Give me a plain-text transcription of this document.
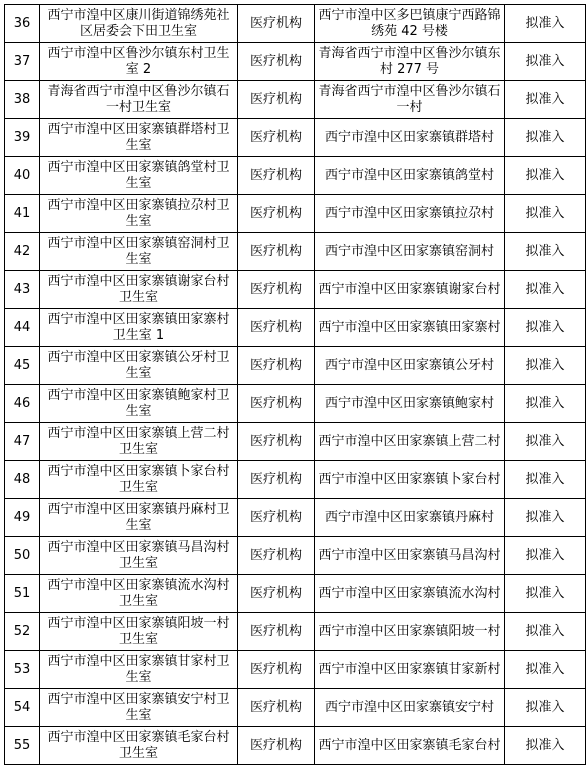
36	西宁市湟中区康川街道锦绣苑社区居委会下田卫生室	医疗机构	西宁市湟中区多巴镇康宁西路锦绣苑 42 号楼	拟准入
37	西宁市湟中区鲁沙尔镇东村卫生室 2	医疗机构	青海省西宁市湟中区鲁沙尔镇东村 277 号	拟准入
38	青海省西宁市湟中区鲁沙尔镇石一村卫生室	医疗机构	青海省西宁市湟中区鲁沙尔镇石一村	拟准入
39	西宁市湟中区田家寨镇群塔村卫生室	医疗机构	西宁市湟中区田家寨镇群塔村	拟准入
40	西宁市湟中区田家寨镇鸽堂村卫生室	医疗机构	西宁市湟中区田家寨镇鸽堂村	拟准入
41	西宁市湟中区田家寨镇拉尕村卫生室	医疗机构	西宁市湟中区田家寨镇拉尕村	拟准入
42	西宁市湟中区田家寨镇窑洞村卫生室	医疗机构	西宁市湟中区田家寨镇窑洞村	拟准入
43	西宁市湟中区田家寨镇谢家台村卫生室	医疗机构	西宁市湟中区田家寨镇谢家台村	拟准入
44	西宁市湟中区田家寨镇田家寨村卫生室 1	医疗机构	西宁市湟中区田家寨镇田家寨村	拟准入
45	西宁市湟中区田家寨镇公牙村卫生室	医疗机构	西宁市湟中区田家寨镇公牙村	拟准入
46	西宁市湟中区田家寨镇鲍家村卫生室	医疗机构	西宁市湟中区田家寨镇鲍家村	拟准入
47	西宁市湟中区田家寨镇上营二村卫生室	医疗机构	西宁市湟中区田家寨镇上营二村	拟准入
48	西宁市湟中区田家寨镇卜家台村卫生室	医疗机构	西宁市湟中区田家寨镇卜家台村	拟准入
49	西宁市湟中区田家寨镇丹麻村卫生室	医疗机构	西宁市湟中区田家寨镇丹麻村	拟准入
50	西宁市湟中区田家寨镇马昌沟村卫生室	医疗机构	西宁市湟中区田家寨镇马昌沟村	拟准入
51	西宁市湟中区田家寨镇流水沟村卫生室	医疗机构	西宁市湟中区田家寨镇流水沟村	拟准入
52	西宁市湟中区田家寨镇阳坡一村卫生室	医疗机构	西宁市湟中区田家寨镇阳坡一村	拟准入
53	西宁市湟中区田家寨镇甘家村卫生室	医疗机构	西宁市湟中区田家寨镇甘家新村	拟准入
54	西宁市湟中区田家寨镇安宁村卫生室	医疗机构	西宁市湟中区田家寨镇安宁村	拟准入
55	西宁市湟中区田家寨镇毛家台村卫生室	医疗机构	西宁市湟中区田家寨镇毛家台村	拟准入
